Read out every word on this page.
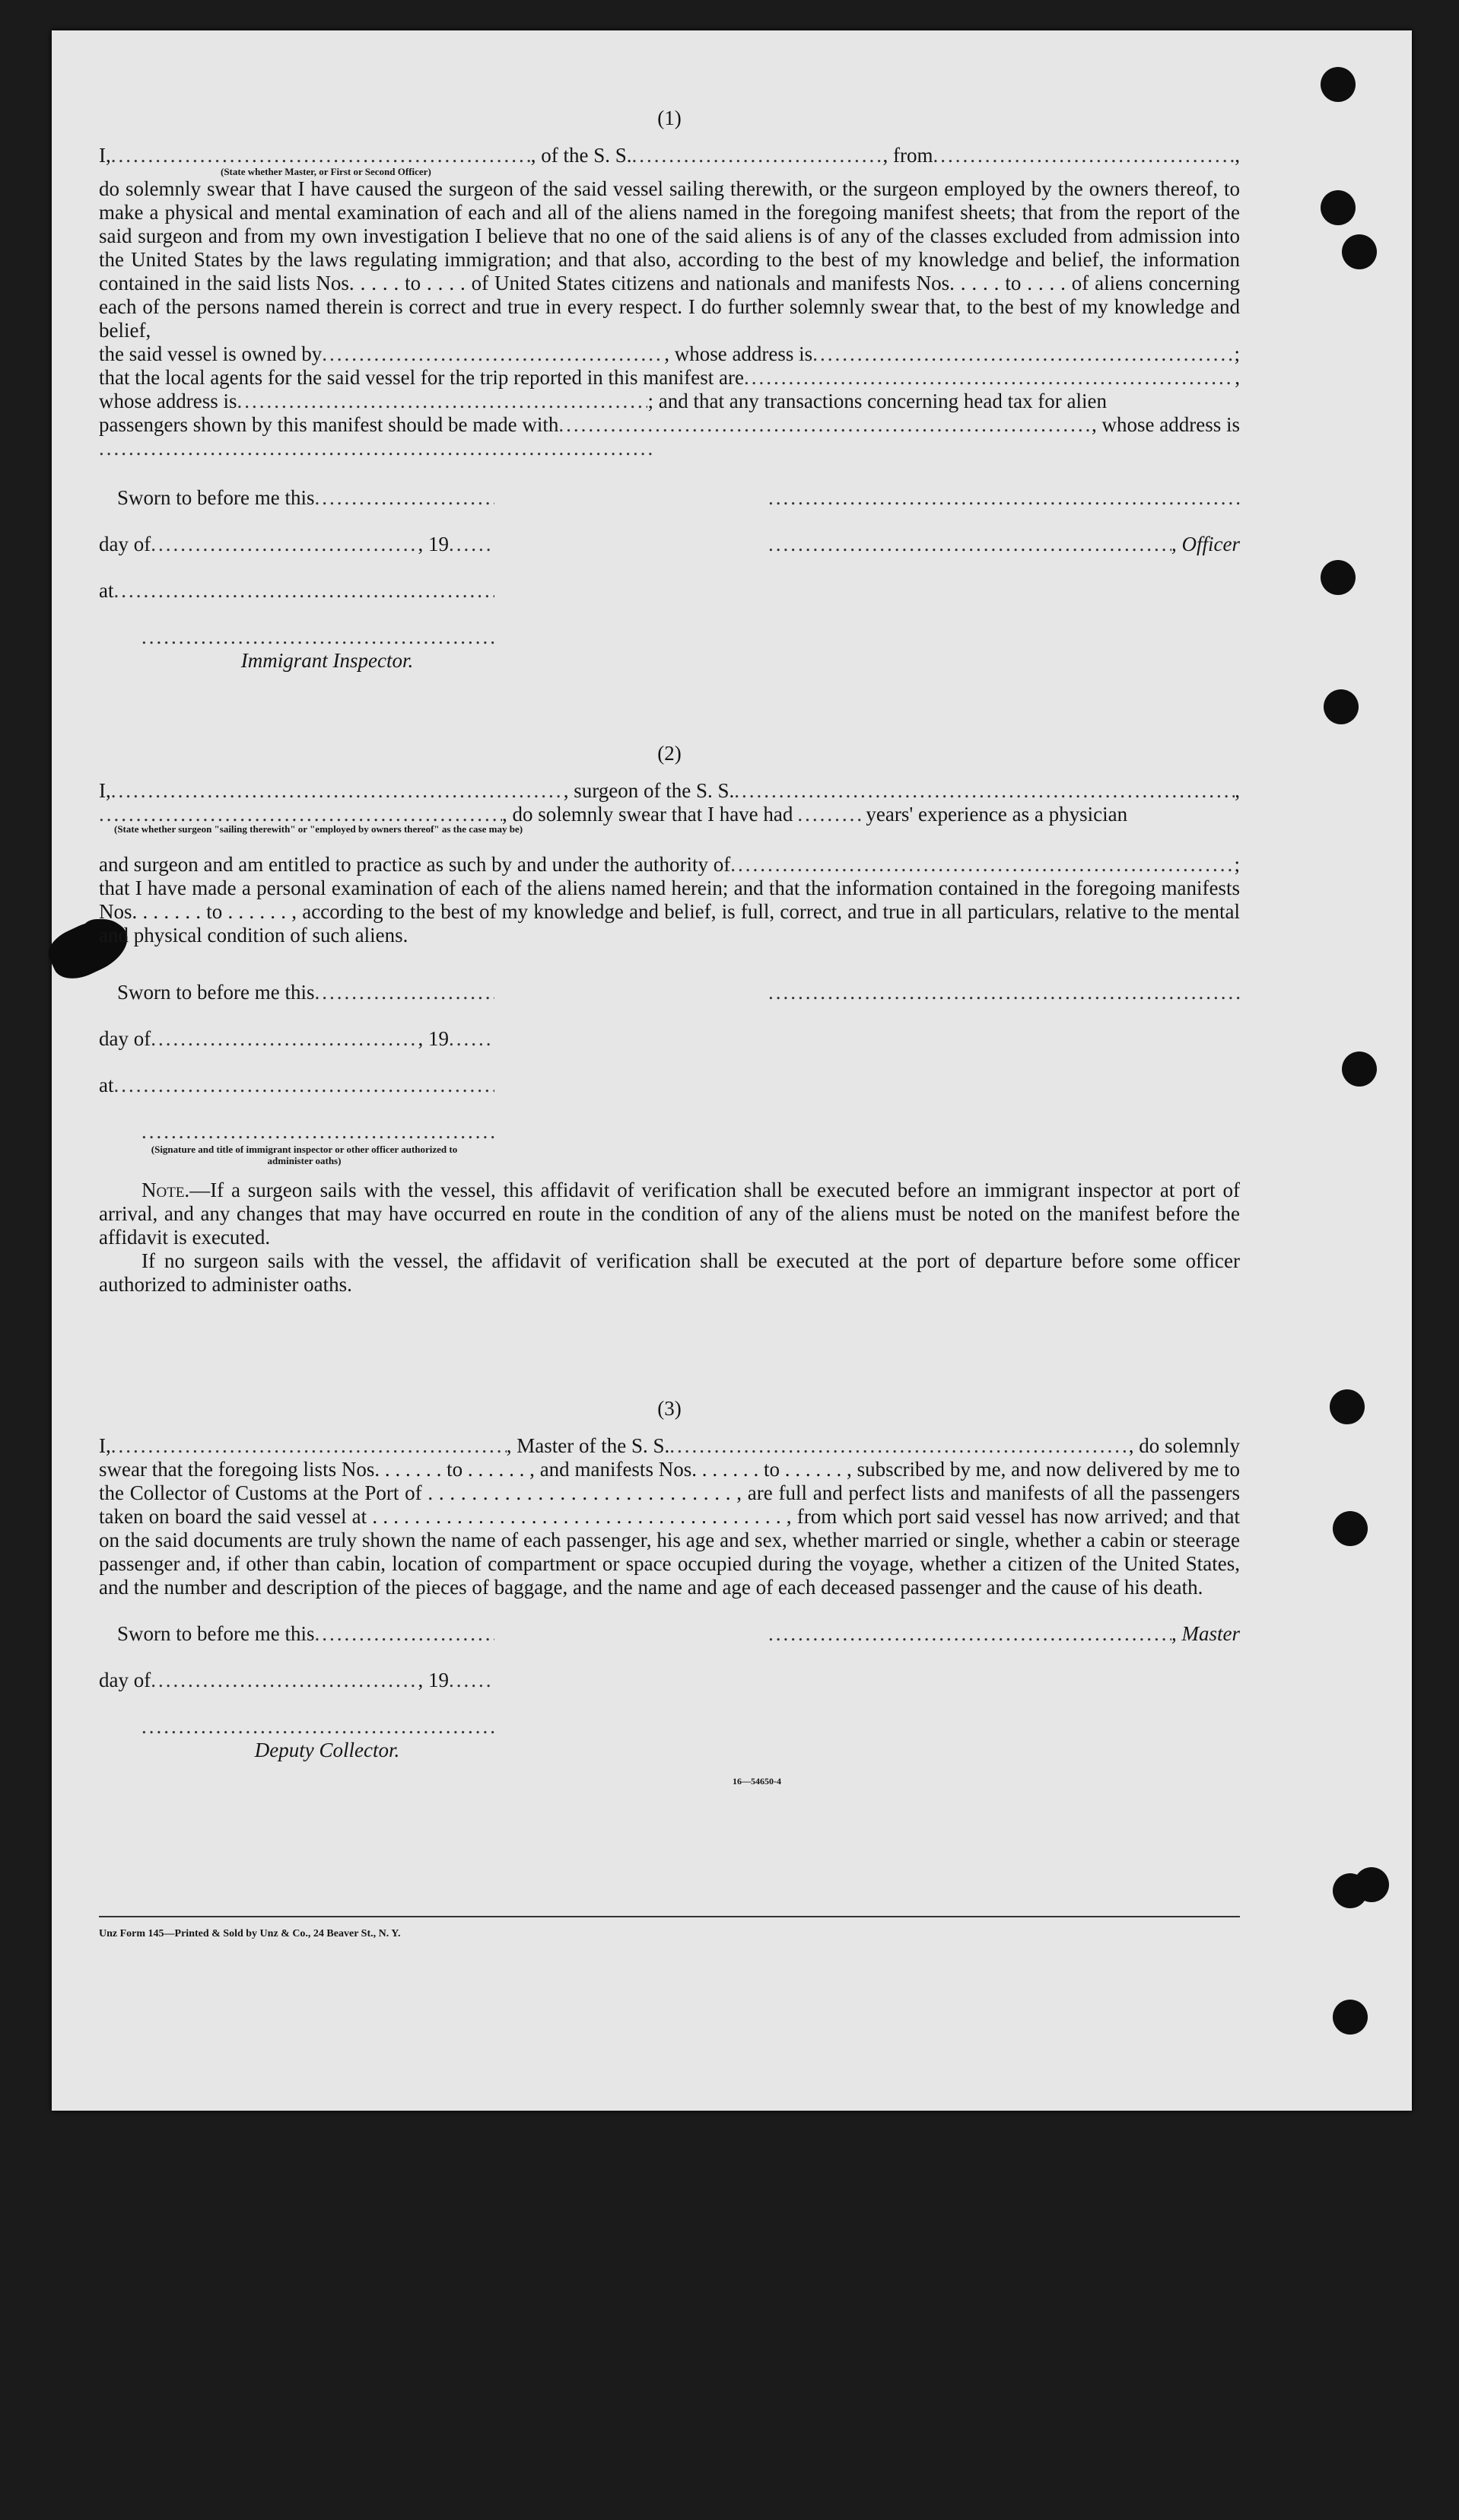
(1)
I, .....	, of the S. S. .....	, from .....	,
(State whether Master, or First or Second Officer)
do solemnly swear that I have caused the surgeon of the said vessel sailing therewith, or the surgeon employed by the owners thereof, to make a physical and mental examination of each and all of the aliens named in the foregoing manifest sheets; that from the report of the said surgeon and from my own investigation I believe that no one of the said aliens is of any of the classes excluded from admission into the United States by the laws regulating immigration; and that also, according to the best of my knowledge and belief, the information contained in the said lists Nos. . . . . to . . . . of United States citizens and nationals and manifests Nos. . . . . to . . . . of aliens concerning each of the persons named therein is correct and true in every respect. I do further solemnly swear that, to the best of my knowledge and belief,
the said vessel is owned by .....	, whose address is .....	;
that the local agents for the said vessel for the trip reported in this manifest are .....	,
whose address is .....	; and that any transactions concerning head tax for alien
passengers shown by this manifest should be made with .....	, whose address is
.....
Sworn to before me this
.....
day of .....	, 19
.....
at
.....
.....
Immigrant Inspector.
.....
.....
, Officer
(2)
I, .....	, surgeon of the S. S. .....	,
.....
, do solemnly swear that I have had .....	years' experience as a physician
(State whether surgeon "sailing therewith" or "employed by owners thereof" as the case may be)
and surgeon and am entitled to practice as such by and under the authority of .....	;
that I have made a personal examination of each of the aliens named herein; and that the information contained in the foregoing manifests Nos. . . . . . . to . . . . . . , according to the best of my knowledge and belief, is full, correct, and true in all particulars, relative to the mental and physical condition of such aliens.
Sworn to before me this
.....
day of .....	, 19
.....
at
.....
.....
(Signature and title of immigrant inspector or other officer authorized to administer oaths)
.....
Note.—If a surgeon sails with the vessel, this affidavit of verification shall be executed before an immigrant inspector at port of arrival, and any changes that may have occurred en route in the condition of any of the aliens must be noted on the manifest before the affidavit is executed.
If no surgeon sails with the vessel, the affidavit of verification shall be executed at the port of departure before some officer authorized to administer oaths.
(3)
I, .....	, Master of the S. S. .....	, do solemnly
swear that the foregoing lists Nos. . . . . . . to . . . . . . , and manifests Nos. . . . . . . to . . . . . . , subscribed by me, and now delivered by me to the Collector of Customs at the Port of . . . . . . . . . . . . . . . . . . . . . . . . . . . . , are full and perfect lists and manifests of all the passengers taken on board the said vessel at . . . . . . . . . . . . . . . . . . . . . . . . . . . . . . . . . . . . . . . , from which port said vessel has now arrived; and that on the said documents are truly shown the name of each passenger, his age and sex, whether married or single, whether a cabin or steerage passenger and, if other than cabin, location of compartment or space occupied during the voyage, whether a citizen of the United States, and the number and description of the pieces of baggage, and the name and age of each deceased passenger and the cause of his death.
Sworn to before me this
.....
day of .....	, 19
.....
.....
Deputy Collector.
.....
, Master
16—54650-4
Unz Form 145—Printed & Sold by Unz & Co., 24 Beaver St., N. Y.
